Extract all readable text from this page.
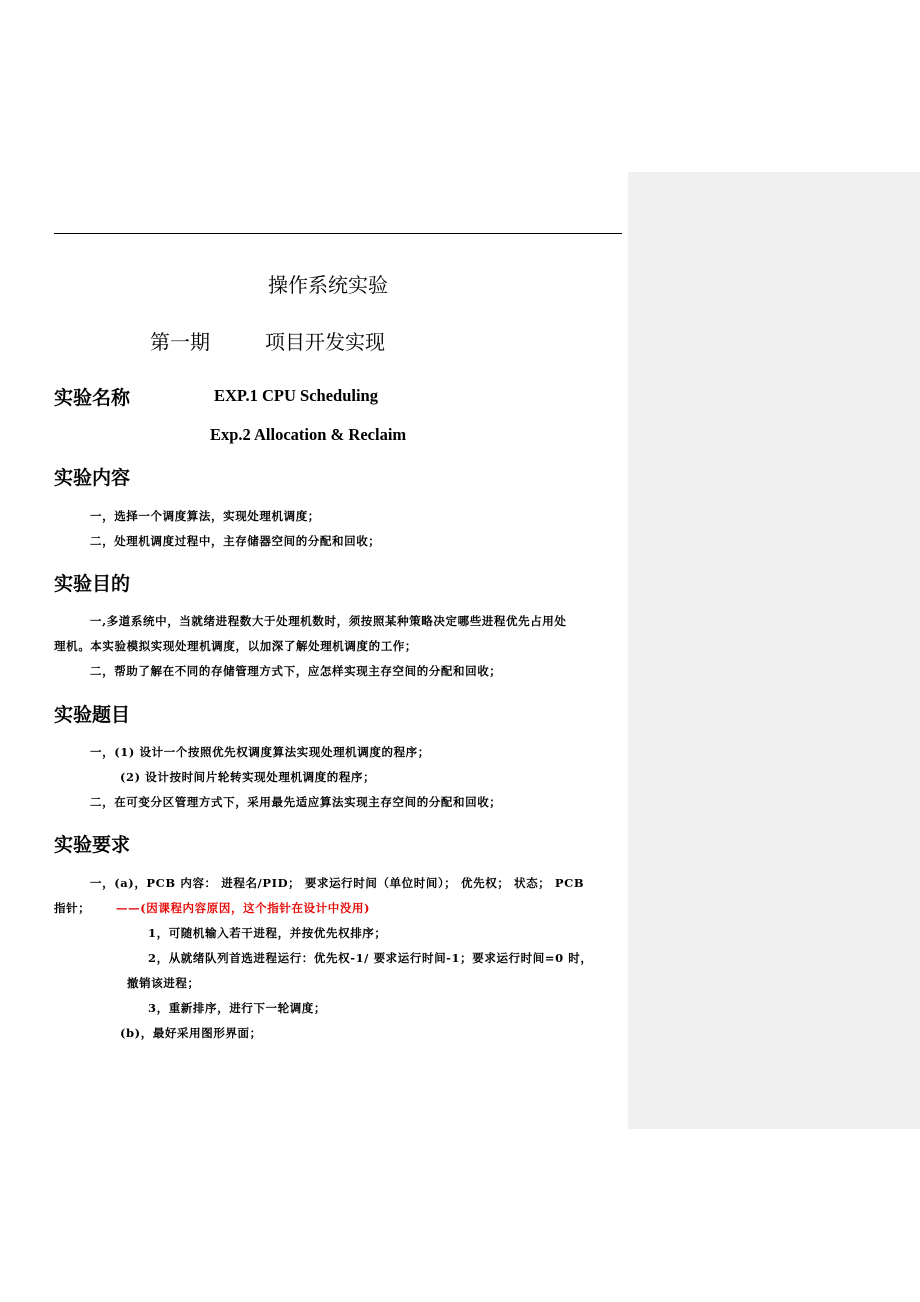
操作系统实验
第一期	项目开发实现
实验名称	EXP.1 CPU Scheduling
Exp.2 Allocation & Reclaim
实验内容
一，选择一个调度算法，实现处理机调度；
二，处理机调度过程中，主存储器空间的分配和回收；
实验目的
一,多道系统中，当就绪进程数大于处理机数时，须按照某种策略决定哪些进程优先占用处
理机。本实验模拟实现处理机调度，以加深了解处理机调度的工作；
二，帮助了解在不同的存储管理方式下，应怎样实现主存空间的分配和回收；
实验题目
一，(1) 设计一个按照优先权调度算法实现处理机调度的程序；
(2) 设计按时间片轮转实现处理机调度的程序；
二，在可变分区管理方式下，采用最先适应算法实现主存空间的分配和回收；
实验要求
一，(a)，PCB 内容： 进程名/PID； 要求运行时间（单位时间）； 优先权； 状态； PCB
指针； ——(因课程内容原因，这个指针在设计中没用)
1，可随机输入若干进程，并按优先权排序；
2，从就绪队列首选进程运行：优先权-1/ 要求运行时间-1；要求运行时间=0 时，
撤销该进程；
3，重新排序，进行下一轮调度；
(b)，最好采用图形界面；
